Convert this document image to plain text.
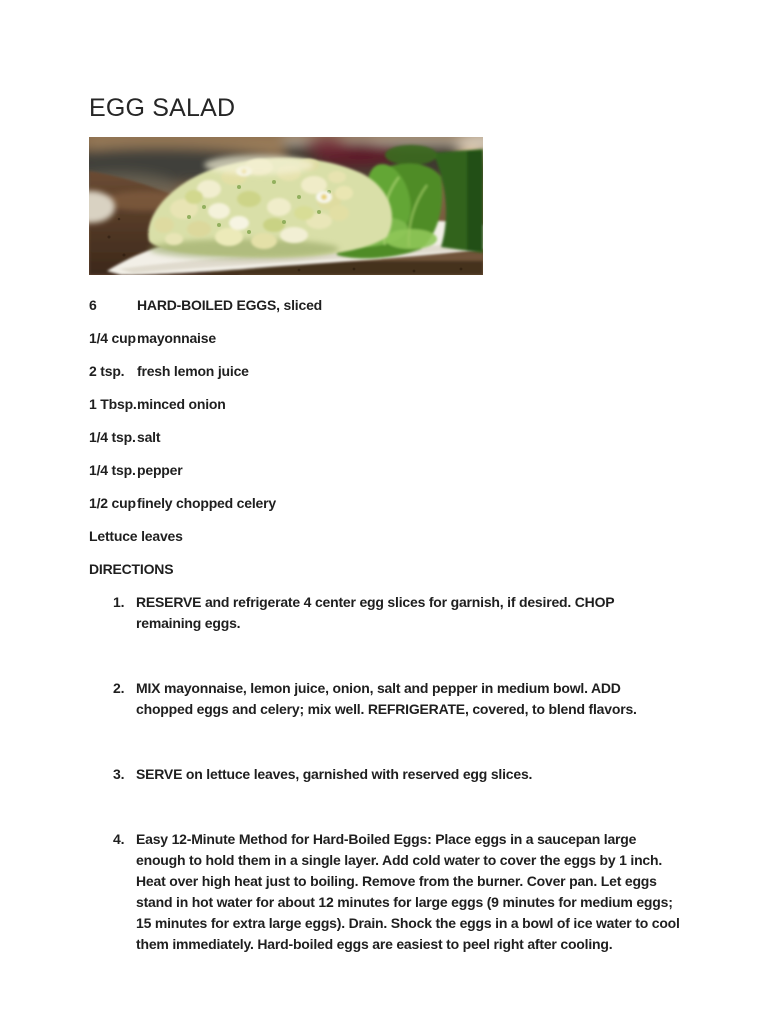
EGG SALAD
6	HARD-BOILED EGGS, sliced
1/4 cupmayonnaise
2 tsp. fresh lemon juice
1 Tbsp.minced onion
1/4 tsp.salt
1/4 tsp.pepper
1/2 cupfinely chopped celery
Lettuce leaves
DIRECTIONS
1. RESERVE and refrigerate 4 center egg slices for garnish, if desired. CHOP remaining eggs.
2. MIX mayonnaise, lemon juice, onion, salt and pepper in medium bowl. ADD chopped eggs and celery; mix well. REFRIGERATE, covered, to blend flavors.
3. SERVE on lettuce leaves, garnished with reserved egg slices.
4. Easy 12-Minute Method for Hard-Boiled Eggs: Place eggs in a saucepan large enough to hold them in a single layer. Add cold water to cover the eggs by 1 inch. Heat over high heat just to boiling. Remove from the burner. Cover pan. Let eggs stand in hot water for about 12 minutes for large eggs (9 minutes for medium eggs; 15 minutes for extra large eggs). Drain. Shock the eggs in a bowl of ice water to cool them immediately. Hard-boiled eggs are easiest to peel right after cooling.
